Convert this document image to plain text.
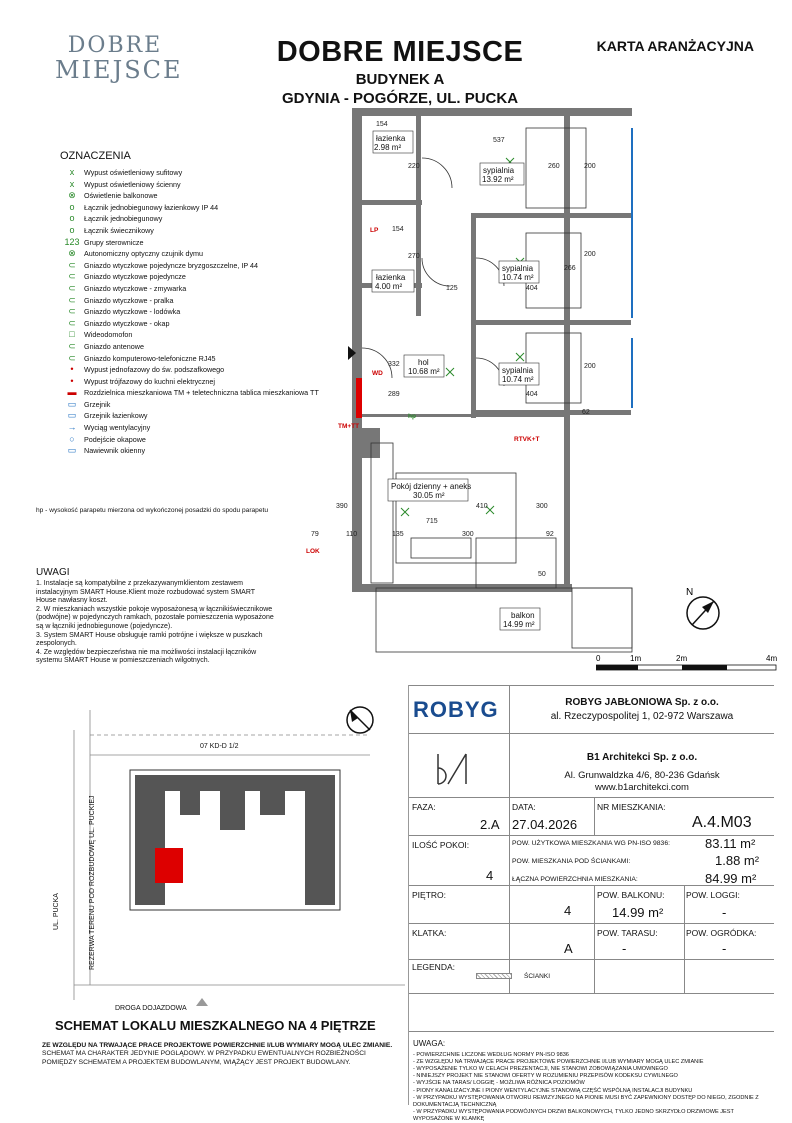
DOBRE
MIEJSCE
DOBRE MIEJSCE
BUDYNEK A
GDYNIA - POGÓRZE, UL. PUCKA
KARTA ARANŻACYJNA
OZNACZENIA
x	Wypust oświetleniowy sufitowy
x	Wypust oświetleniowy ścienny
⊗	Oświetlenie balkonowe
o	Łącznik jednobiegunowy łazienkowy IP 44
o	Łącznik jednobiegunowy
o	Łącznik świecznikowy
123 Grupy sterownicze
⊗	Autonomiczny optyczny czujnik dymu
⊂	Gniazdo wtyczkowe pojedyncze bryzgoszczelne, IP 44
⊂	Gniazdo wtyczkowe pojedyncze
⊂	Gniazdo wtyczkowe - zmywarka
⊂	Gniazdo wtyczkowe - pralka
⊂	Gniazdo wtyczkowe - lodówka
⊂	Gniazdo wtyczkowe - okap
□	Wideodomofon
⊂	Gniazdo antenowe
⊂	Gniazdo komputerowo-telefoniczne RJ45
•	Wypust jednofazowy do św. podszafkowego
•	Wypust trójfazowy do kuchni elektrycznej
▬	Rozdzielnica mieszkaniowa TM + teletechniczna tablica mieszkaniowa TT
▭	Grzejnik
▭	Grzejnik łazienkowy
→	Wyciąg wentylacyjny
○	Podejście okapowe
▭	Nawiewnik okienny
hp - wysokość parapetu mierzona od wykończonej posadzki do spodu parapetu
UWAGI
1. Instalacje są kompatybilne z przekazywanymklientom zestawem instalacyjnym SMART House.Klient może rozbudować system SMART House nawłasny koszt.
2. W mieszkaniach wszystkie pokoje wyposażonesą w łącznikiświecznikowe (podwójne) w pojedynczych ramkach, pozostałe pomieszczenia wyposażone są w łączniki jednobiegunowe (pojedyncze).
3. System SMART House obsługuje ramki potrójne i większe w puszkach zespolonych.
4. Ze względów bezpieczeństwa nie ma możliwości instalacji łączników systemu SMART House w pomieszczeniach wilgotnych.
łazienka
2.98 m²
sypialnia
13.92 m²
łazienka
4.00 m²
sypialnia
10.74 m²
hol
10.68 m²	sypialnia
10.74 m²
Pokój dzienny + aneks
30.05 m²
balkon
14.99 m²
154
537
220
154
270
125	404
266
200
332
289	404
62
410
390
715
300
79	110	135
300
92
50
260	200
200
RTVK+T
TM+TT
WD
LP
LOK
hp
N
0	1m	2m	4m
07 KD-D 1/2
UL. PUCKA	REZERWA TERENU POD ROZBUDOWĘ UL. PUCKIEJ
DROGA DOJAZDOWA
SCHEMAT LOKALU MIESZKALNEGO NA 4 PIĘTRZE
ZE WZGLĘDU NA TRWAJĄCE PRACE PROJEKTOWE POWIERZCHNIE I/LUB WYMIARY MOGĄ ULEC ZMIANIE.
SCHEMAT MA CHARAKTER JEDYNIE POGLĄDOWY. W PRZYPADKU EWENTUALNYCH ROZBIEŻNOŚCI POMIĘDZY SCHEMATEM A PROJEKTEM BUDOWLANYM, WIĄŻĄCY JEST PROJEKT BUDOWLANY.
ROBYG	ROBYG JABŁONIOWA Sp. z o.o.
al. Rzeczypospolitej 1, 02-972 Warszawa
B1 Architekci Sp. z o.o.
Al. Grunwaldzka 4/6, 80-236 Gdańsk
www.b1architekci.com
FAZA:
2.A
DATA:
27.04.2026
NR MIESZKANIA:
A.4.M03
ILOŚĆ POKOI:
4
POW. UŻYTKOWA MIESZKANIA WG PN-ISO 9836:	83.11 m²
POW. MIESZKANIA POD ŚCIANKAMI:	1.88 m²
ŁĄCZNA POWIERZCHNIA MIESZKANIA:	84.99 m²
PIĘTRO:
4
POW. BALKONU:
14.99 m²
POW. LOGGI:
-
KLATKA:
A
POW. TARASU:
-
POW. OGRÓDKA:
-
LEGENDA:
ŚCIANKI
UWAGA:
- POWIERZCHNIE LICZONE WEDŁUG NORMY PN-ISO 9836
- ZE WZGLĘDU NA TRWAJĄCE PRACE PROJEKTOWE POWIERZCHNIE I/LUB WYMIARY MOGĄ ULEC ZMIANIE
- WYPOSAŻENIE TYLKO W CELACH PREZENTACJI, NIE STANOWI ZOBOWIĄZANIA UMOWNEGO
- NINIEJSZY PROJEKT NIE STANOWI OFERTY W ROZUMIENIU PRZEPISÓW KODEKSU CYWILNEGO
- WYJŚCIE NA TARAS/ LOGGIĘ - MOŻLIWA RÓŻNICA POZIOMÓW
- PIONY KANALIZACYJNE I PIONY WENTYLACYJNE STANOWIĄ CZĘŚĆ WSPÓLNĄ INSTALACJI BUDYNKU
- W PRZYPADKU WYSTĘPOWANIA OTWORU REWIZYJNEGO NA PIONIE MUSI BYĆ ZAPEWNIONY DOSTĘP DO NIEGO, ZGODNIE Z DOKUMENTACJĄ TECHNICZNĄ
- W PRZYPADKU WYSTĘPOWANIA PODWÓJNYCH DRZWI BALKONOWYCH, TYLKO JEDNO SKRZYDŁO DRZWIOWE JEST WYPOSAŻONE W KLAMKĘ
